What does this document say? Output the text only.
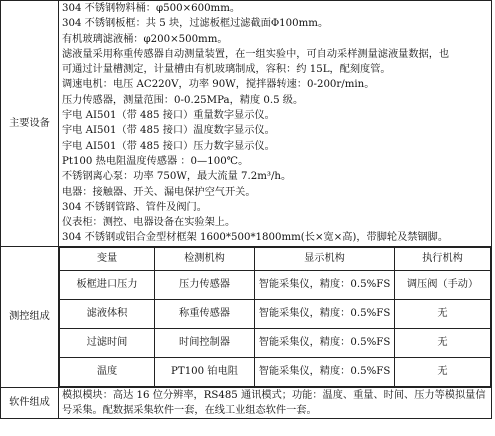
主要设备	
304 不锈钢物料桶：φ500×600mm。
304 不锈钢板框：共 5 块，过滤板框过滤截面Φ100mm。
有机玻璃滤液桶：φ200×500mm。
滤液量采用称重传感器自动测量装置，在一组实验中，可自动采样测量滤液量数据，也
可通过计量槽测定，计量槽由有机玻璃制成，容积：约 15L，配刻度管。
调速电机：电压 AC220V，功率 90W，搅拌器转速：0-200r/min。
压力传感器，测量范围：0-0.25MPa，精度 0.5 级。
宇电 AI501（带 485 接口）重量数字显示仪。
宇电 AI501（带 485 接口）温度数字显示仪。
宇电 AI501（带 485 接口）压力数字显示仪。
Pt100 热电阻温度传感器 ：0—100℃。
不锈钢离心泵：功率 750W，最大流量 7.2m³/h。
电器：接触器、开关、漏电保护空气开关。
304 不锈钢管路、管件及阀门。
仪表柜：测控、电器设备在实验架上。
304 不锈钢或铝合金型材框架 1600*500*1800mm(长×宽×高)，带脚轮及禁锢脚。

测控组成	
变量	检测机构	显示机构	执行机构
板框进口压力	压力传感器	智能采集仪，精度：0.5%FS	调压阀（手动）
滤液体积	称重传感器	智能采集仪，精度：0.5%FS	无
过滤时间	时间控制器	智能采集仪，精度：0.5%FS	无
温度	PT100 铂电阻	智能采集仪，精度：0.5%FS	无

软件组成	
模拟模块：高达 16 位分辨率，RS485 通讯模式；功能：温度、重量、时间、压力等模拟量信号采集。配数据采集软件一套，在线工业组态软件一套。
